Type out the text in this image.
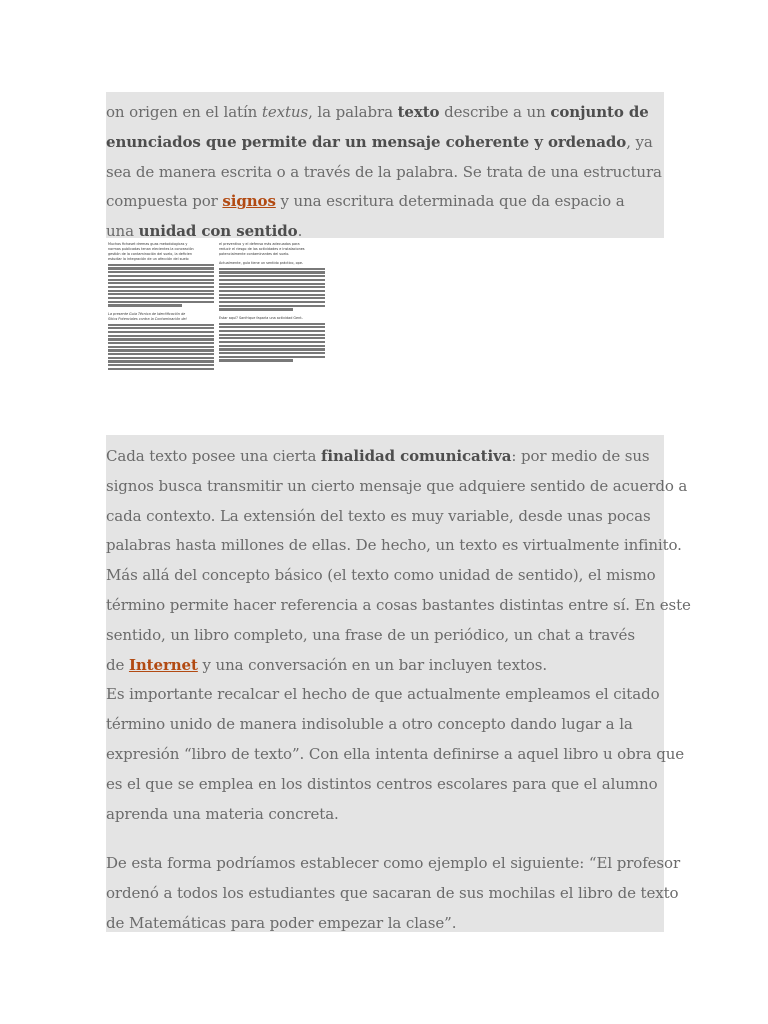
on origen en el latín textus, la palabra texto describe a un conjunto de
enunciados que permite dar un mensaje coherente y ordenado, ya
sea de manera escrita o a través de la palabra. Se trata de una estructura
compuesta por signos y una escritura determinada que da espacio a
una unidad con sentido.
Muchos fichaset dremas guas metodologicas y
normas publicadas tenan elecientes la conceación
gestión de la contaminación del suelo, la deficien
estudiar la integración de un afección del suelo
La presente Guía Técnica de Identificación de
Sitios Potenciales contra la Contaminación del
el preventivo y el defensa más adecuados para
reducir el riesgo de las actividades e instalaciones
potencialmente contaminantes del suelo.
Actualmente, guía tiene un sentido práctico, ope-
Estar aquí? Sanfrique faparla una actividad Gent-
Cada texto posee una cierta finalidad comunicativa: por medio de sus
signos busca transmitir un cierto mensaje que adquiere sentido de acuerdo a
cada contexto. La extensión del texto es muy variable, desde unas pocas
palabras hasta millones de ellas. De hecho, un texto es virtualmente infinito.
Más allá del concepto básico (el texto como unidad de sentido), el mismo
término permite hacer referencia a cosas bastantes distintas entre sí. En este
sentido, un libro completo, una frase de un periódico, un chat a través
de Internet y una conversación en un bar incluyen textos.
Es importante recalcar el hecho de que actualmente empleamos el citado
término unido de manera indisoluble a otro concepto dando lugar a la
expresión “libro de texto”. Con ella intenta definirse a aquel libro u obra que
es el que se emplea en los distintos centros escolares para que el alumno
aprenda una materia concreta.
De esta forma podríamos establecer como ejemplo el siguiente: “El profesor
ordenó a todos los estudiantes que sacaran de sus mochilas el libro de texto
de Matemáticas para poder empezar la clase”.
